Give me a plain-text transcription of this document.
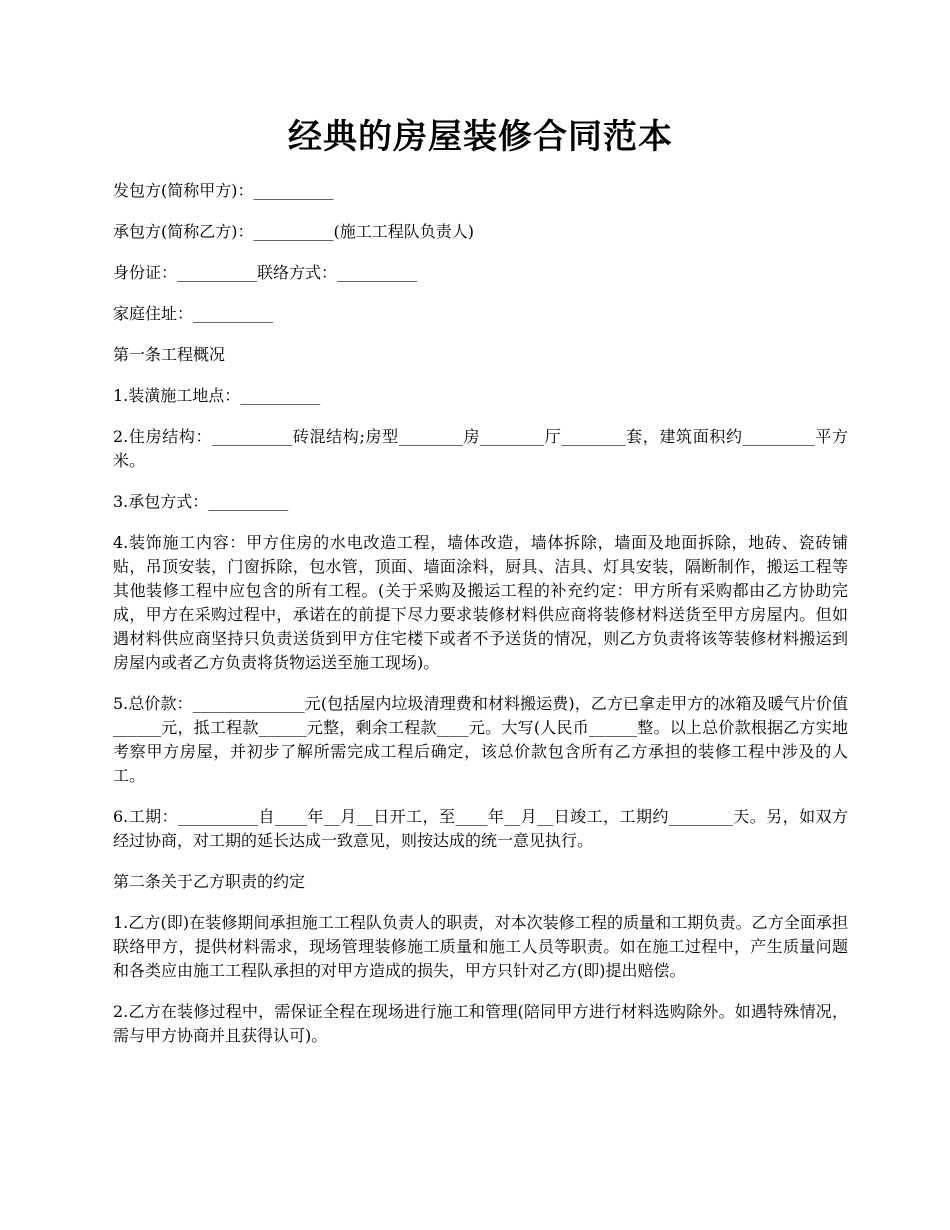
经典的房屋装修合同范本

发包方(简称甲方)：__________

承包方(简称乙方)：__________(施工工程队负责人)

身份证：__________联络方式：__________

家庭住址：__________

第一条工程概况

1.装潢施工地点：__________

2.住房结构：__________砖混结构;房型________房________厅________套，建筑面积约_________平方米。

3.承包方式：__________

4.装饰施工内容：甲方住房的水电改造工程，墙体改造，墙体拆除，墙面及地面拆除，地砖、瓷砖铺贴，吊顶安装，门窗拆除，包水管，顶面、墙面涂料，厨具、洁具、灯具安装，隔断制作，搬运工程等其他装修工程中应包含的所有工程。(关于采购及搬运工程的补充约定：甲方所有采购都由乙方协助完成，甲方在采购过程中，承诺在的前提下尽力要求装修材料供应商将装修材料送货至甲方房屋内。但如遇材料供应商坚持只负责送货到甲方住宅楼下或者不予送货的情况，则乙方负责将该等装修材料搬运到房屋内或者乙方负责将货物运送至施工现场)。

5.总价款：______________元(包括屋内垃圾清理费和材料搬运费)，乙方已拿走甲方的冰箱及暖气片价值______元，抵工程款______元整，剩余工程款____元。大写(人民币______整。以上总价款根据乙方实地考察甲方房屋，并初步了解所需完成工程后确定，该总价款包含所有乙方承担的装修工程中涉及的人工。

6.工期：__________自____年__月__日开工，至____年__月__日竣工，工期约________天。另，如双方经过协商，对工期的延长达成一致意见，则按达成的统一意见执行。

第二条关于乙方职责的约定

1.乙方(即)在装修期间承担施工工程队负责人的职责，对本次装修工程的质量和工期负责。乙方全面承担联络甲方，提供材料需求，现场管理装修施工质量和施工人员等职责。如在施工过程中，产生质量问题和各类应由施工工程队承担的对甲方造成的损失，甲方只针对乙方(即)提出赔偿。

2.乙方在装修过程中，需保证全程在现场进行施工和管理(陪同甲方进行材料选购除外。如遇特殊情况，需与甲方协商并且获得认可)。
